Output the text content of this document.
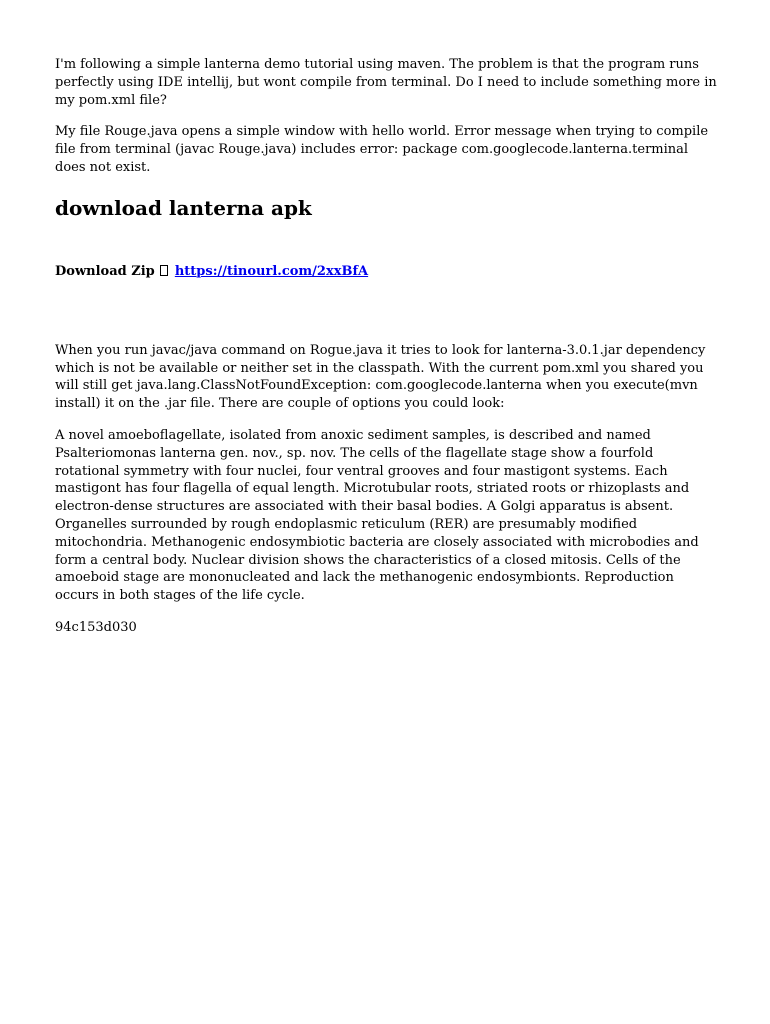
I'm following a simple lanterna demo tutorial using maven. The problem is that the program runs perfectly using IDE intellij, but wont compile from terminal. Do I need to include something more in my pom.xml file?

My file Rouge.java opens a simple window with hello world. Error message when trying to compile file from terminal (javac Rouge.java) includes error: package com.googlecode.lanterna.terminal does not exist.

download lanterna apk
Download Zip https://tinourl.com/2xxBfA

When you run javac/java command on Rogue.java it tries to look for lanterna-3.0.1.jar dependency which is not be available or neither set in the classpath. With the current pom.xml you shared you will still get java.lang.ClassNotFoundException: com.googlecode.lanterna when you execute(mvn install) it on the .jar file. There are couple of options you could look:

A novel amoeboflagellate, isolated from anoxic sediment samples, is described and named Psalteriomonas lanterna gen. nov., sp. nov. The cells of the flagellate stage show a fourfold rotational symmetry with four nuclei, four ventral grooves and four mastigont systems. Each mastigont has four flagella of equal length. Microtubular roots, striated roots or rhizoplasts and electron-dense structures are associated with their basal bodies. A Golgi apparatus is absent. Organelles surrounded by rough endoplasmic reticulum (RER) are presumably modified mitochondria. Methanogenic endosymbiotic bacteria are closely associated with microbodies and form a central body. Nuclear division shows the characteristics of a closed mitosis. Cells of the amoeboid stage are mononucleated and lack the methanogenic endosymbionts. Reproduction occurs in both stages of the life cycle.

94c153d030
